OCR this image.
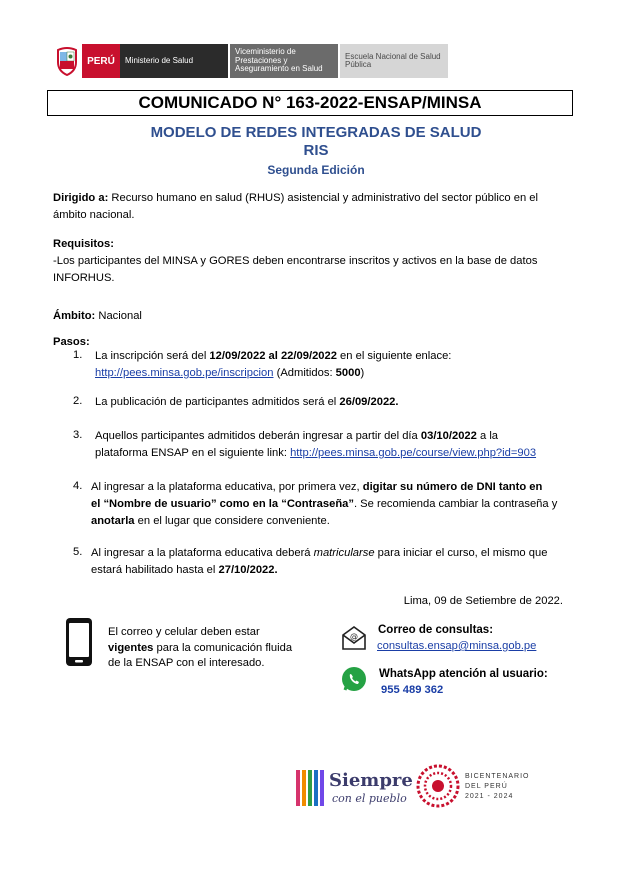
PERÚ	Ministerio de Salud
Viceministerio de Prestaciones y Aseguramiento en Salud
Escuela Nacional de Salud Pública
COMUNICADO N° 163-2022-ENSAP/MINSA
MODELO DE REDES INTEGRADAS DE SALUD
RIS
Segunda Edición
Dirigido a: Recurso humano en salud (RHUS) asistencial y administrativo del sector público en el
ámbito nacional.
Requisitos:
-Los participantes del MINSA y GORES deben encontrarse inscritos y activos en la base de datos
INFORHUS.
Ámbito: Nacional
Pasos:
1. La inscripción será del 12/09/2022 al 22/09/2022 en el siguiente enlace:
http://pees.minsa.gob.pe/inscripcion (Admitidos: 5000)
2. La publicación de participantes admitidos será el 26/09/2022.
3. Aquellos participantes admitidos deberán ingresar a partir del día 03/10/2022 a la
plataforma ENSAP en el siguiente link: http://pees.minsa.gob.pe/course/view.php?id=903
4. Al ingresar a la plataforma educativa, por primera vez, digitar su número de DNI tanto en
el “Nombre de usuario” como en la “Contraseña”. Se recomienda cambiar la contraseña y
anotarla en el lugar que considere conveniente.
5. Al ingresar a la plataforma educativa deberá matricularse para iniciar el curso, el mismo que
estará habilitado hasta el 27/10/2022.
Lima, 09 de Setiembre de 2022.
El correo y celular deben estar
vigentes para la comunicación fluida
de la ENSAP con el interesado.
@
Correo de consultas:
consultas.ensap@minsa.gob.pe
WhatsApp atención al usuario:
955 489 362
Siempre
con el pueblo
BICENTENARIO
DEL PERÚ
2021 - 2024
